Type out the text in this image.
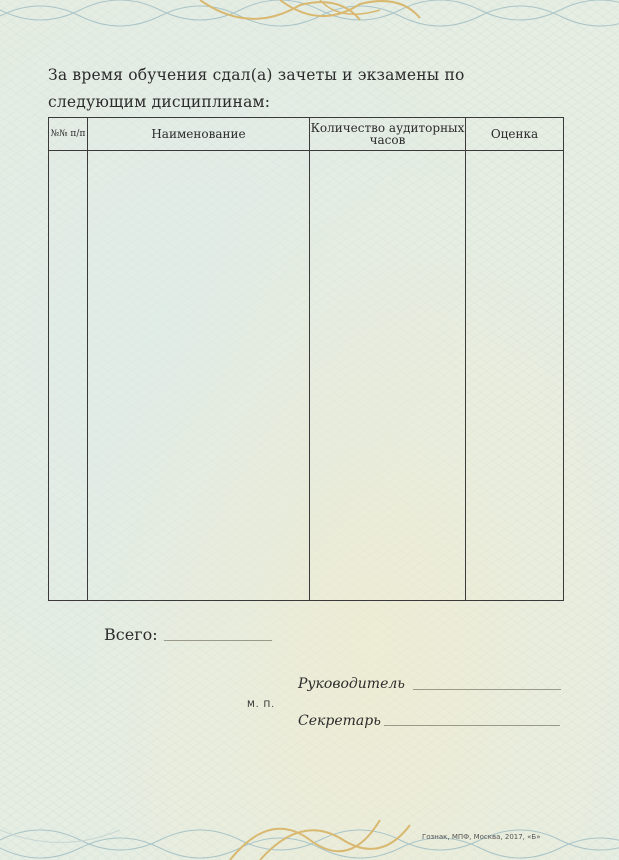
За время обучения сдал(а) зачеты и экзамены по следующим дисциплинам:
№№ п/п	Наименование	Количество аудиторных часов	Оценка

Всего:
Руководитель
М. П.
Секретарь
Гознак, МПФ, Москва, 2017, «Б»
